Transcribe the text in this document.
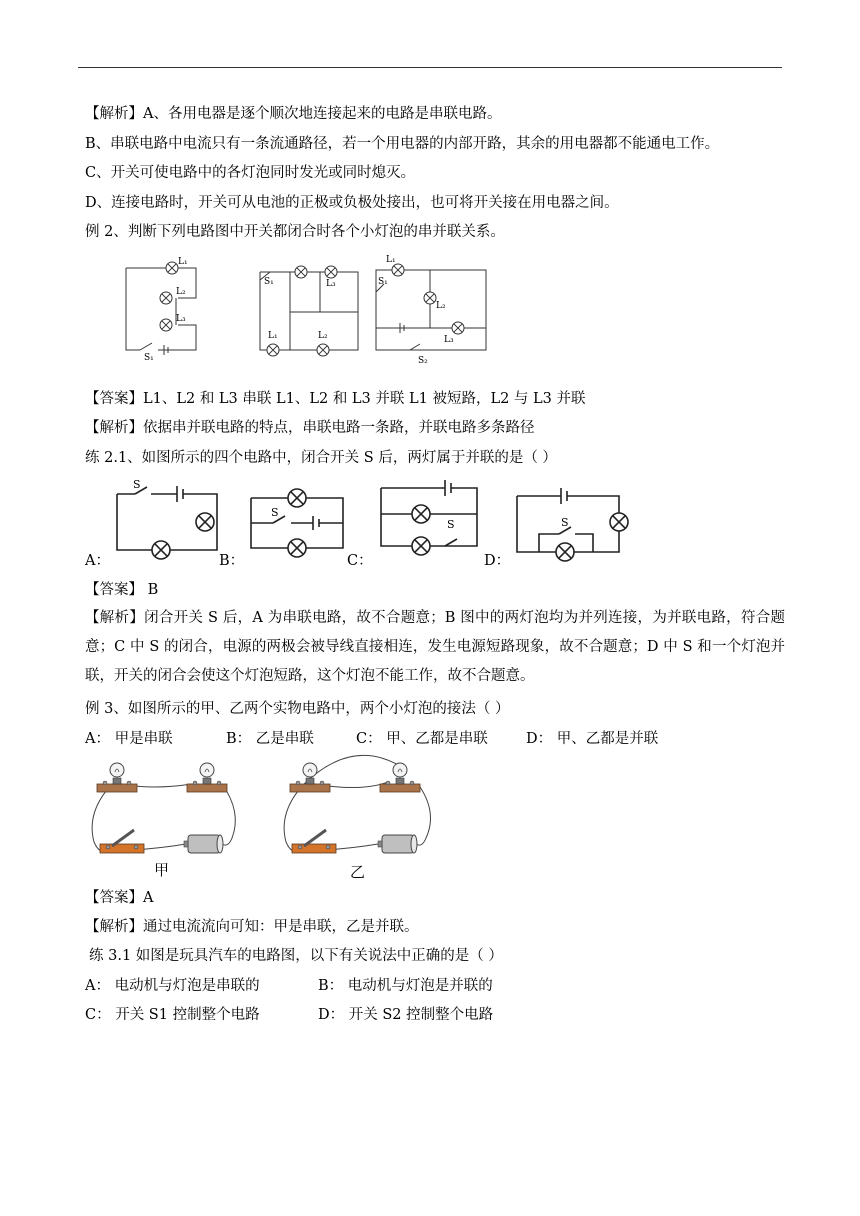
【解析】A、各用电器是逐个顺次地连接起来的电路是串联电路。
B、串联电路中电流只有一条流通路径，若一个用电器的内部开路，其余的用电器都不能通电工作。
C、开关可使电路中的各灯泡同时发光或同时熄灭。
D、连接电路时，开关可从电池的正极或负极处接出，也可将开关接在用电器之间。
例 2、判断下列电路图中开关都闭合时各个小灯泡的串并联关系。
L₁
L₂
L₃
S₁
S₁	L₃
L₁	L₂
L₁
S₁
L₂
L₃
S₂
【答案】L1、L2 和 L3 串联 L1、L2 和 L3 并联 L1 被短路，L2 与 L3 并联
【解析】依据串并联电路的特点，串联电路一条路，并联电路多条路径
练 2.1、如图所示的四个电路中，闭合开关 S 后，两灯属于并联的是（ ）
S
S
S	S
A：	B：	C：	D：
【答案】 B
【解析】闭合开关 S 后，A 为串联电路，故不合题意；B 图中的两灯泡均为并列连接，为并联电路，符合题意；C 中 S 的闭合，电源的两极会被导线直接相连，发生电源短路现象，故不合题意；D 中 S 和一个灯泡并联，开关的闭合会使这个灯泡短路，这个灯泡不能工作，故不合题意。
例 3、如图所示的甲、乙两个实物电路中，两个小灯泡的接法（ ）
A： 甲是串联	B： 乙是串联	C： 甲、乙都是串联	D： 甲、乙都是并联
甲	乙
【答案】A
【解析】通过电流流向可知：甲是串联，乙是并联。
练 3.1 如图是玩具汽车的电路图，以下有关说法中正确的是（ ）
A： 电动机与灯泡是串联的	B： 电动机与灯泡是并联的
C： 开关 S1 控制整个电路	D： 开关 S2 控制整个电路
